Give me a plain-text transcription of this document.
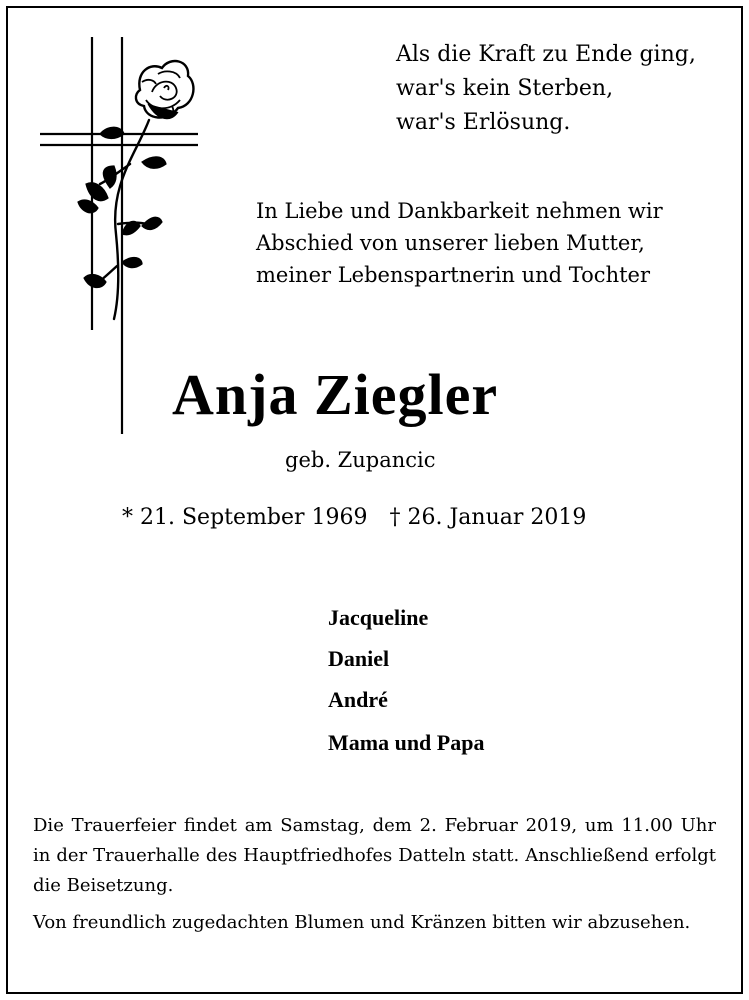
Als die Kraft zu Ende ging,
war's kein Sterben,
war's Erlösung.
In Liebe und Dankbarkeit nehmen wir
Abschied von unserer lieben Mutter,
meiner Lebenspartnerin und Tochter
Anja Ziegler
geb. Zupancic
* 21. September 1969 † 26. Januar 2019
Jacqueline
Daniel
André
Mama und Papa

Die Trauerfeier findet am Samstag, dem 2. Februar 2019, um 11.00 Uhr in der Trauerhalle des Hauptfriedhofes Datteln statt. Anschließend erfolgt die Beisetzung.

Von freundlich zugedachten Blumen und Kränzen bitten wir abzusehen.
